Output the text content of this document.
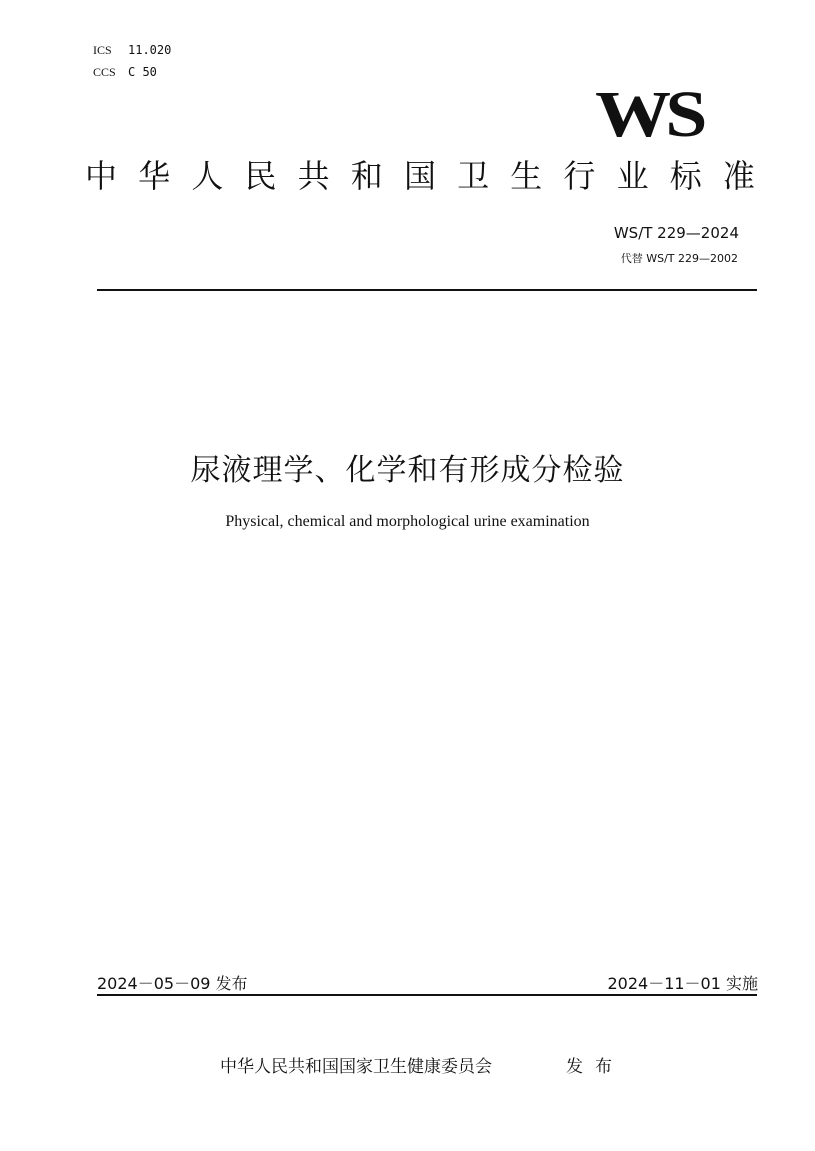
ICS 11.020
CCS C 50
WS
中 华 人 民 共 和 国 卫 生 行 业 标 准
WS/T 229—2024
代替 WS/T 229—2002
尿液理学、化学和有形成分检验
Physical, chemical and morphological urine examination
2024－05－09 发布	2024－11－01 实施
中华人民共和国国家卫生健康委员会	发布
